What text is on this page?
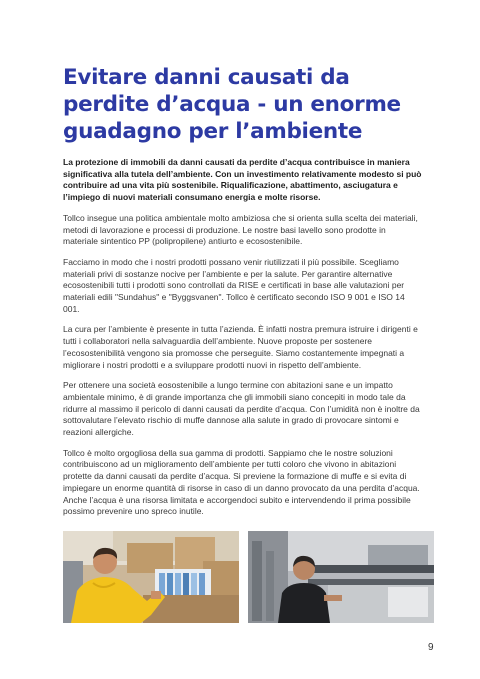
Evitare danni causati da perdite d’acqua - un enorme guadagno per l’ambiente

La protezione di immobili da danni causati da perdite d’acqua contribuisce in maniera significativa alla tutela dell’ambiente. Con un investimento relativamente modesto si può contribuire ad una vita più sostenibile. Riqualificazione, abattimento, asciugatura e l’impiego di nuovi materiali consumano energia e molte risorse.

Tollco insegue una politica ambientale molto ambiziosa che si orienta sulla scelta dei materiali, metodi di lavorazione e processi di produzione. Le nostre basi lavello sono prodotte in materiale sintentico PP (polipropilene) antiurto e ecosostenibile.

Facciamo in modo che i nostri prodotti possano venir riutilizzati il più possibile. Scegliamo materiali privi di sostanze nocive per l’ambiente e per la salute. Per garantire alternative ecosostenibili tutti i prodotti sono controllati da RISE e certificati in base alle valutazioni per materiali edili "Sundahus" e "Byggsvanen". Tollco è certificato secondo ISO 9 001 e ISO 14 001.

La cura per l’ambiente è presente in tutta l’azienda. È infatti nostra premura istruire i dirigenti e tutti i collaboratori nella salvaguardia dell’ambiente. Nuove proposte per sostenere l’ecosostenibilità vengono sia promosse che perseguite. Siamo costantemente impegnati a migliorare i nostri prodotti e a sviluppare prodotti nuovi in rispetto dell’ambiente.

Per ottenere una società eosostenibile a lungo termine con abitazioni sane e un impatto ambientale minimo, è di grande importanza che gli immobili siano concepiti in modo tale da ridurre al massimo il pericolo di danni causati da perdite d’acqua. Con l’umidità non è inoltre da sottovalutare l’elevato rischio di muffe dannose alla salute in grado di provocare sintomi e reazioni allergiche.

Tollco è molto orgogliosa della sua gamma di prodotti. Sappiamo che le nostre soluzioni contribuiscono ad un miglioramento dell’ambiente per tutti coloro che vivono in abitazioni protette da danni causati da perdite d’acqua. Si previene la formazione di muffe e si evita di impiegare un enorme quantità di risorse in caso di un danno provocato da una perdita d’acqua. Anche l’acqua è una risorsa limitata e accorgendoci subito e intervendendo il prima possibile possimo prevenire uno spreco inutile.

9
